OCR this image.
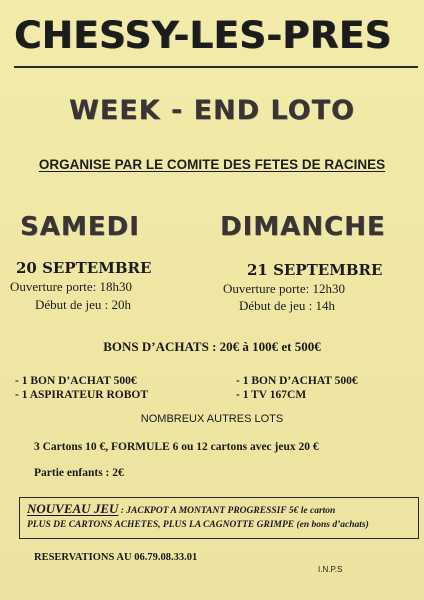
CHESSY-LES-PRES
WEEK - END LOTO
ORGANISE PAR LE COMITE DES FETES DE RACINES
SAMEDI
20 SEPTEMBRE
Ouverture porte: 18h30
Début de jeu : 20h
DIMANCHE
21 SEPTEMBRE
Ouverture porte: 12h30
Début de jeu : 14h
BONS D’ACHATS : 20€ à 100€ et 500€
- 1 BON D’ACHAT 500€
- 1 ASPIRATEUR ROBOT
- 1 BON D’ACHAT 500€
- 1 TV 167CM
NOMBREUX AUTRES LOTS
3 Cartons 10 €, FORMULE 6 ou 12 cartons avec jeux 20 €
Partie enfants : 2€
NOUVEAU JEU : JACKPOT A MONTANT PROGRESSIF 5€ le carton
PLUS DE CARTONS ACHETES, PLUS LA CAGNOTTE GRIMPE (en bons d’achats)
RESERVATIONS AU 06.79.08.33.01
I.N.P.S
